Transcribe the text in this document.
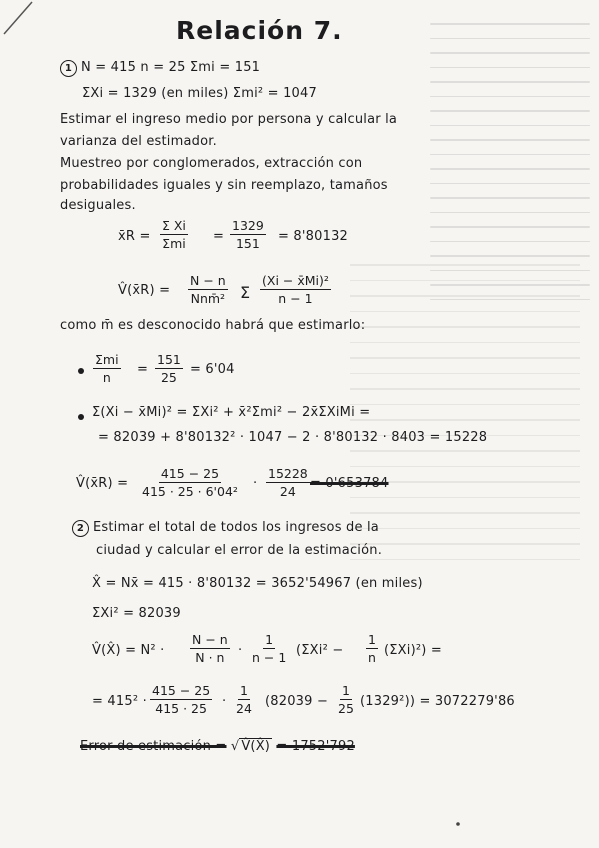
Relación 7.
1 N = 415 n = 25 Σmi = 151
ΣXi = 1329 (en miles) Σmi² = 1047
Estimar el ingreso medio por persona y calcular la
varianza del estimador.
Muestreo por conglomerados, extracción con
probabilidades iguales y sin reemplazo, tamaños
desiguales.
x̄R =
Σ Xi
$\Sigma mi = \frac{1329}{151} = 8'80132$
V̂(x̄R) =
N − n
Nnm̄² Σ $\frac{\text{(Xi − x̄Mi)²}}{n - 1}$
como m̄ es desconocido habrá que estimarlo:
Σmi
n
= $\frac{151}{25} = 6'04$
Σ(Xi − x̄Mi)² = ΣXi² + x̄²Σmi² − 2x̄ΣXiMi =
= 82039 + 8'80132² · 1047 − 2 · 8'80132 · 8403 = 15228
V̂(x̄R) = $\frac{415 - 25}{\text{415 · 25 · 6'04²}} \cdot \frac{15228}{24} = 0'653784$
2 Estimar el total de todos los ingresos de la
ciudad y calcular el error de la estimación.
X̂ = Nx̄ = 415 · 8'80132 = 3652'54967 (en miles)
ΣXi² = 82039
V̂(X̂) = $N^2 \cdot \frac{N - n}{N \cdot n} \cdot \frac{1}{n - 1} (\Sigma Xi^2 - \frac{1}{n} (\Sigma Xi)^2)$ =
= $415^2 \cdot \frac{415 - 25}{415 \cdot 25} \cdot \frac{1}{24} (82039 - \frac{1}{25} (1329^2)) = 3072279'86$
Error de estimación = √ V̂(X̂) = 1752'792
